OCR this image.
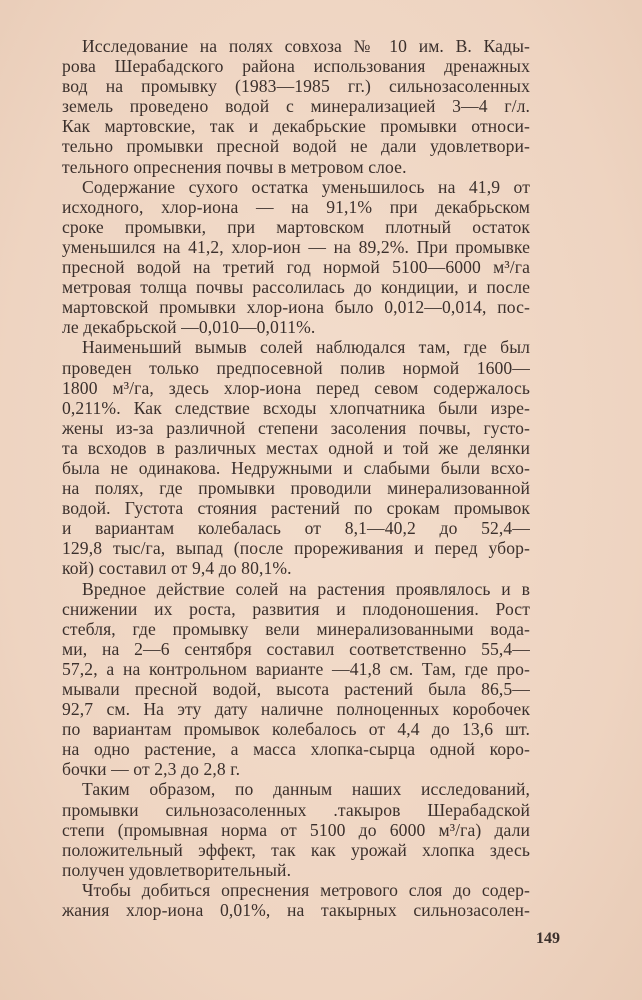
Исследование на полях совхоза № 10 им. В. Кады-
рова Шерабадского района использования дренажных
вод на промывку (1983—1985 гг.) сильнозасоленных
земель проведено водой с минерализацией 3—4 г/л.
Как мартовские, так и декабрьские промывки относи-
тельно промывки пресной водой не дали удовлетвори-
тельного опреснения почвы в метровом слое.
Содержание сухого остатка уменьшилось на 41,9 от
исходного, хлор-иона — на 91,1% при декабрьском
сроке промывки, при мартовском плотный остаток
уменьшился на 41,2, хлор-ион — на 89,2%. При промывке
пресной водой на третий год нормой 5100—6000 м³/га
метровая толща почвы рассолилась до кондиции, и после
мартовской промывки хлор-иона было 0,012—0,014, пос-
ле декабрьской —0,010—0,011%.
Наименьший вымыв солей наблюдался там, где был
проведен только предпосевной полив нормой 1600—
1800 м³/га, здесь хлор-иона перед севом содержалось
0,211%. Как следствие всходы хлопчатника были изре-
жены из-за различной степени засоления почвы, густо-
та всходов в различных местах одной и той же делянки
была не одинакова. Недружными и слабыми были всхо-
на полях, где промывки проводили минерализованной
водой. Густота стояния растений по срокам промывок
и вариантам колебалась от 8,1—40,2 до 52,4—
129,8 тыс/га, выпад (после прореживания и перед убор-
кой) составил от 9,4 до 80,1%.
Вредное действие солей на растения проявлялось и в
снижении их роста, развития и плодоношения. Рост
стебля, где промывку вели минерализованными вода-
ми, на 2—6 сентября составил соответственно 55,4—
57,2, а на контрольном варианте —41,8 см. Там, где про-
мывали пресной водой, высота растений была 86,5—
92,7 см. На эту дату наличне полноценных коробочек
по вариантам промывок колебалось от 4,4 до 13,6 шт.
на одно растение, а масса хлопка-сырца одной коро-
бочки — от 2,3 до 2,8 г.
Таким образом, по данным наших исследований,
промывки сильнозасоленных .такыров Шерабадской
степи (промывная норма от 5100 до 6000 м³/га) дали
положительный эффект, так как урожай хлопка здесь
получен удовлетворительный.
Чтобы добиться опреснения метрового слоя до содер-
жания хлор-иона 0,01%, на такырных сильнозасолен-
149
